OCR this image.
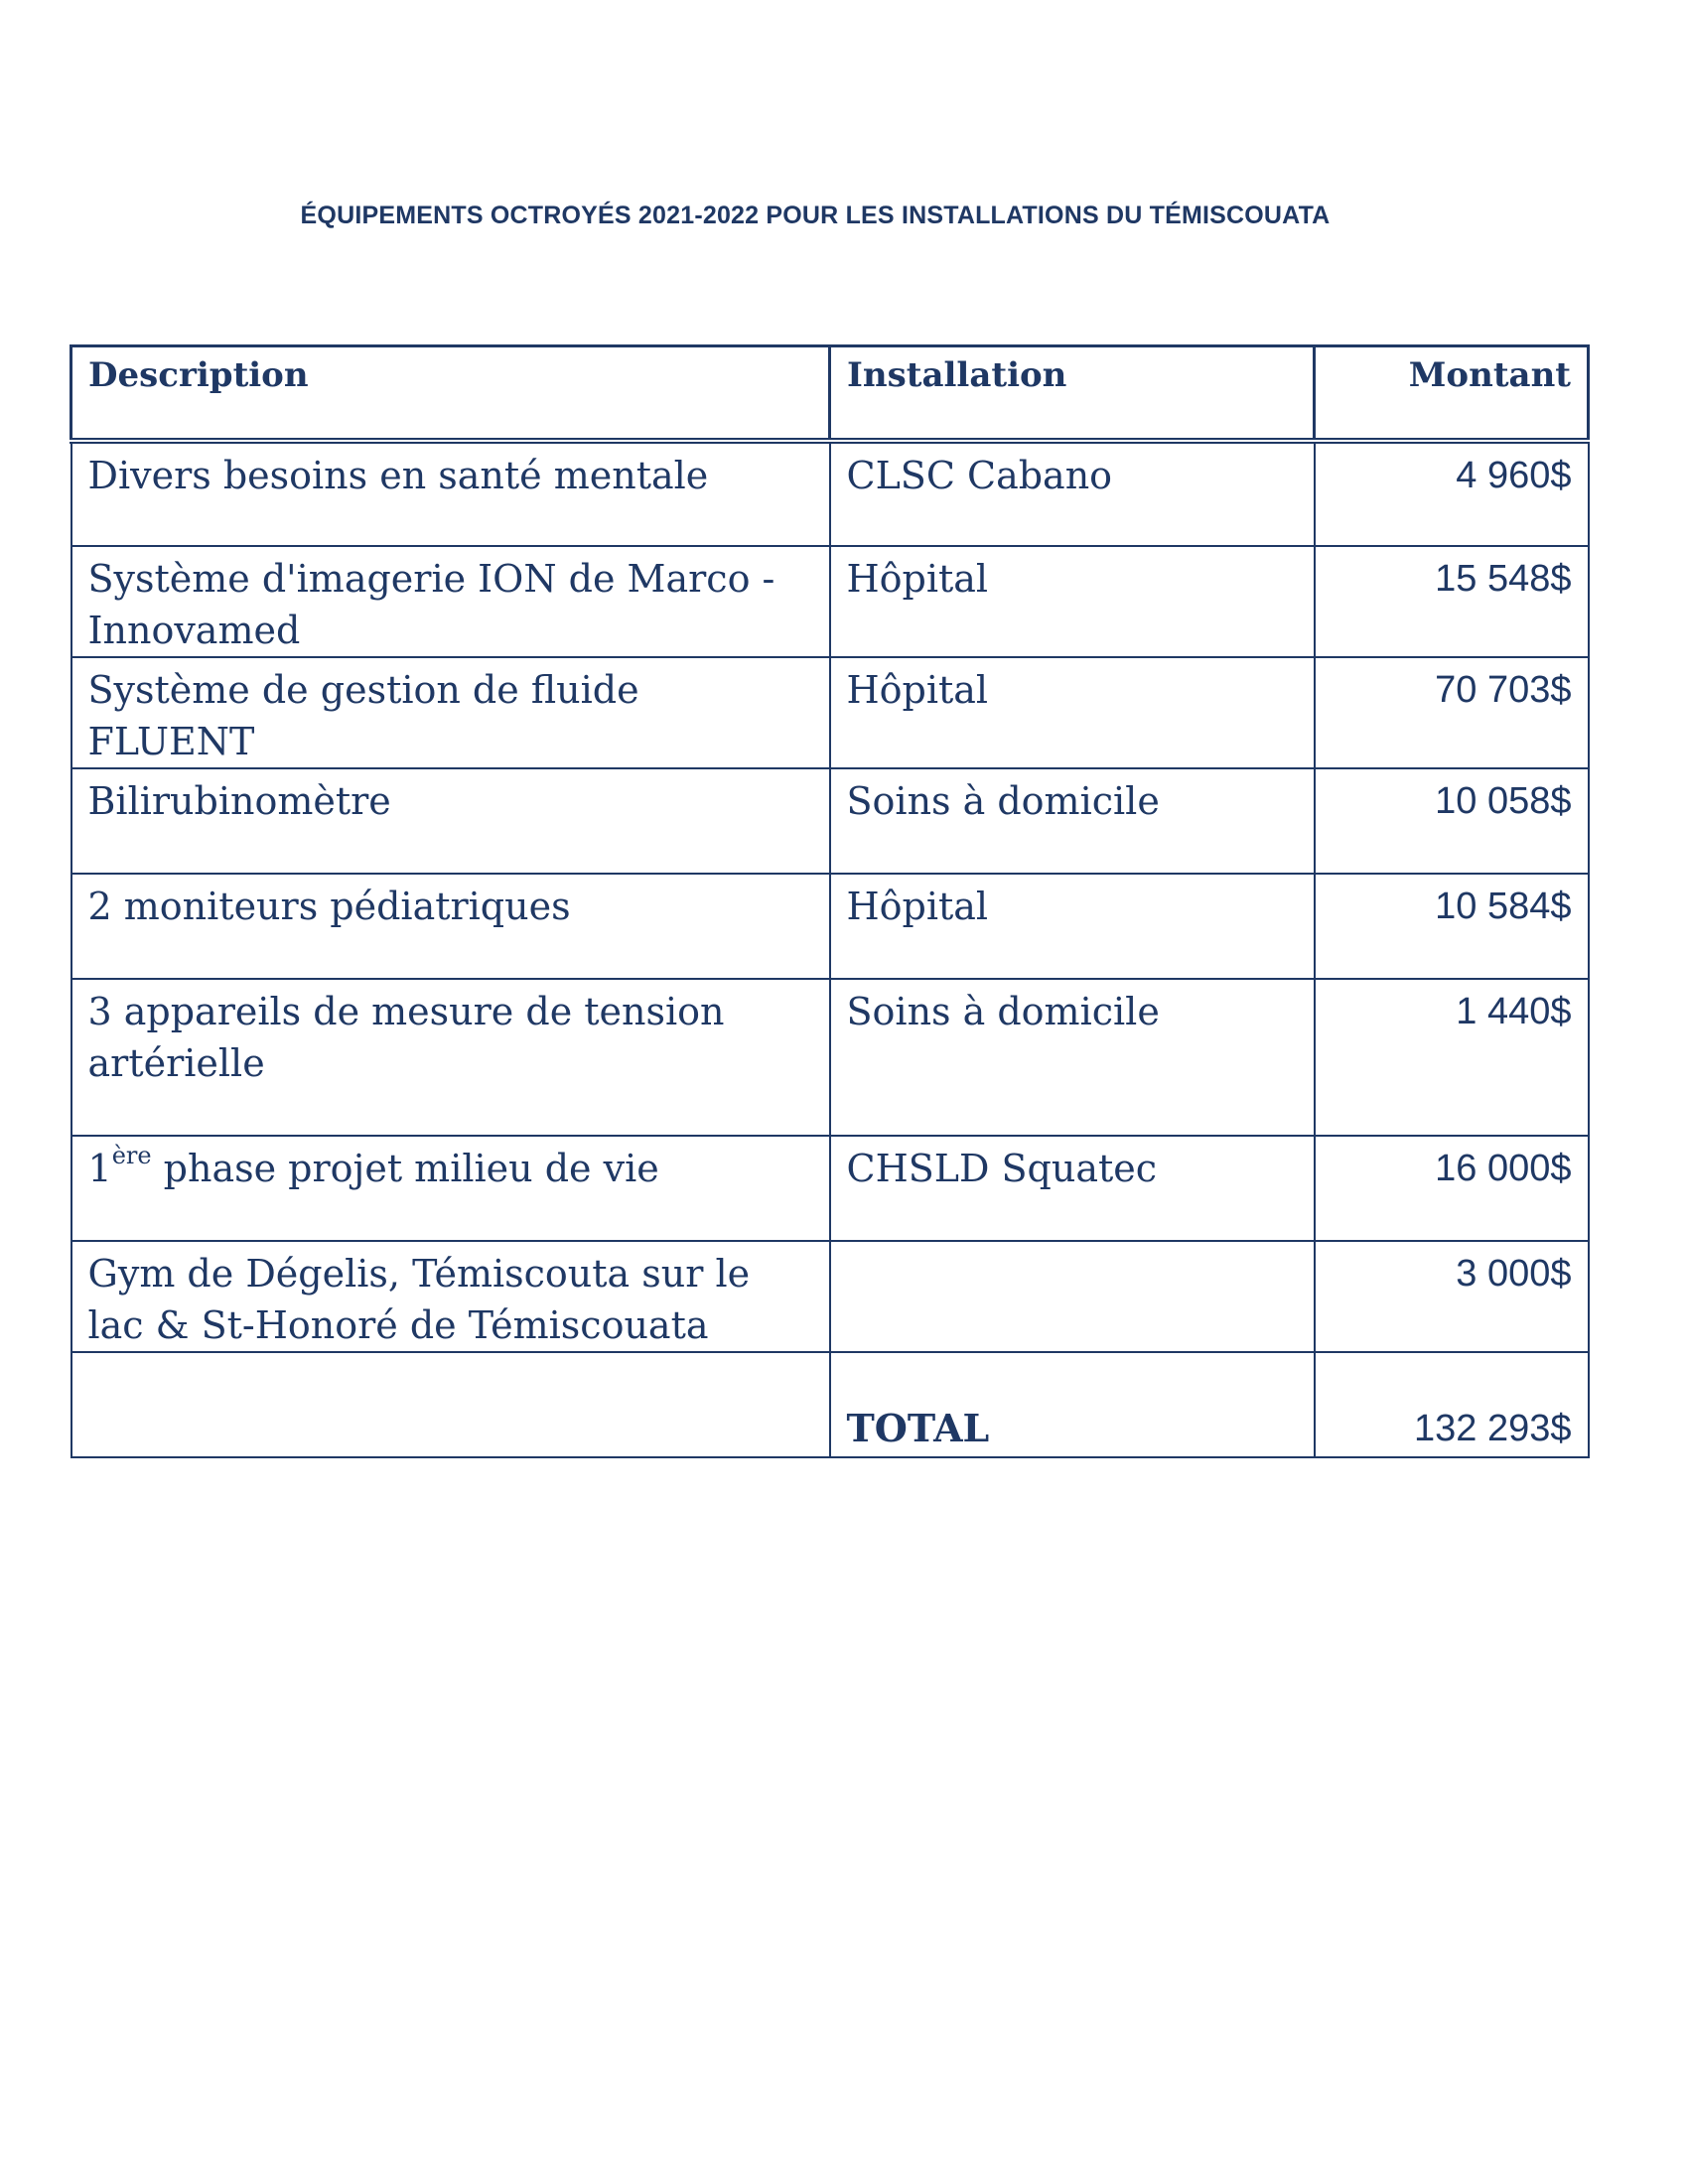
ÉQUIPEMENTS OCTROYÉS 2021-2022 POUR LES INSTALLATIONS DU TÉMISCOUATA
Description	Installation	Montant
Divers besoins en santé mentale	CLSC Cabano	4 960$
Système d'imagerie ION de Marco - Innovamed	Hôpital	15 548$
Système de gestion de fluide FLUENT	Hôpital	70 703$
Bilirubinomètre	Soins à domicile	10 058$
2 moniteurs pédiatriques	Hôpital	10 584$
3 appareils de mesure de tension artérielle	Soins à domicile	1 440$
1ère phase projet milieu de vie	CHSLD Squatec	16 000$
Gym de Dégelis, Témiscouta sur le lac & St-Honoré de Témiscouata		3 000$
	TOTAL	132 293$
